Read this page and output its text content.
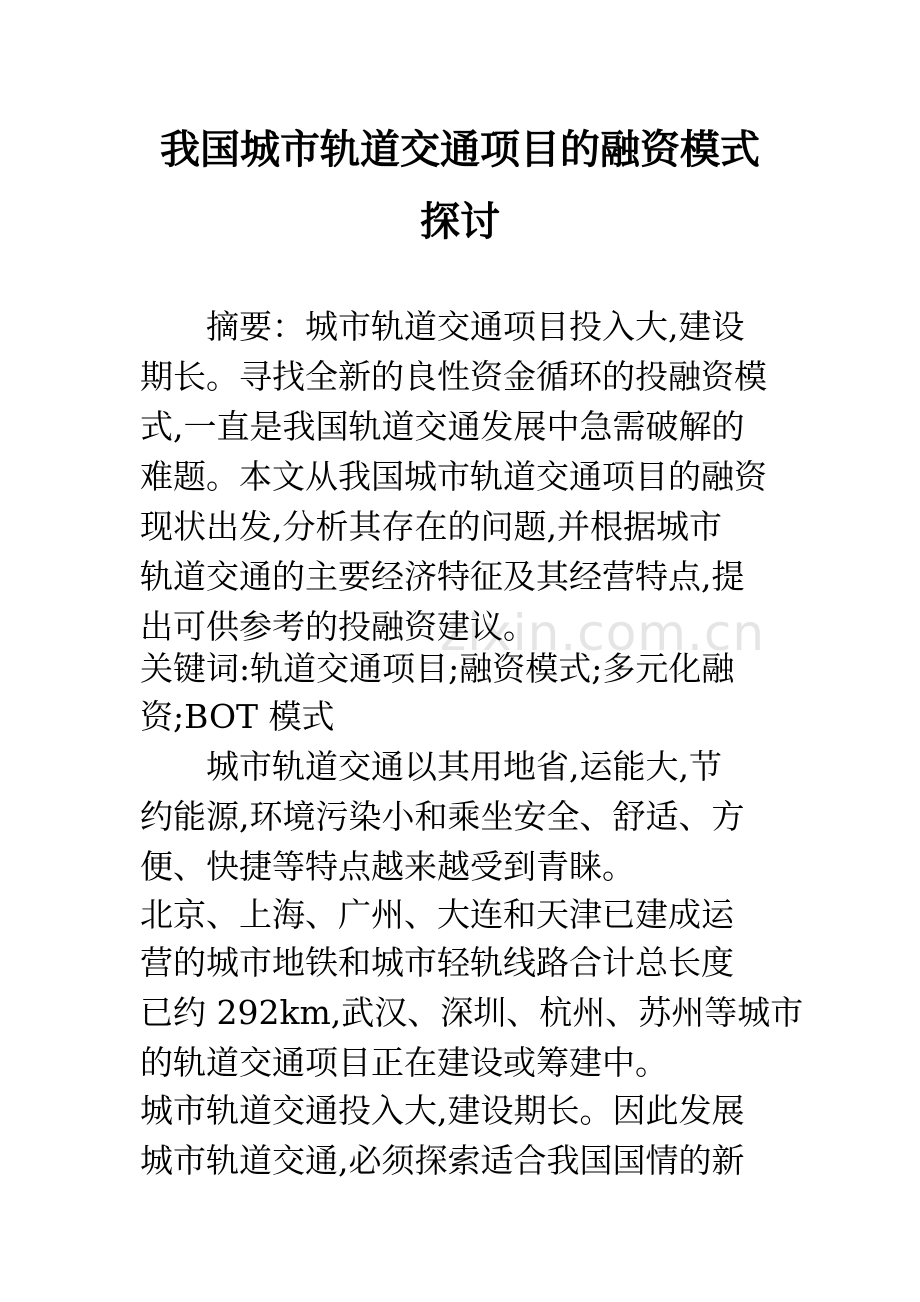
我国城市轨道交通项目的融资模式
探讨
zixin.com.cn
　　摘要：城市轨道交通项目投入大,建设
期长。寻找全新的良性资金循环的投融资模
式,一直是我国轨道交通发展中急需破解的
难题。本文从我国城市轨道交通项目的融资
现状出发,分析其存在的问题,并根据城市
轨道交通的主要经济特征及其经营特点,提
出可供参考的投融资建议。
关键词:轨道交通项目;融资模式;多元化融
资;BOT 模式
　　城市轨道交通以其用地省,运能大,节
约能源,环境污染小和乘坐安全、舒适、方
便、快捷等特点越来越受到青睐。
北京、上海、广州、大连和天津已建成运
营的城市地铁和城市轻轨线路合计总长度
已约 292km,武汉、深圳、杭州、苏州等城市
的轨道交通项目正在建设或筹建中。
城市轨道交通投入大,建设期长。因此发展
城市轨道交通,必须探索适合我国国情的新
